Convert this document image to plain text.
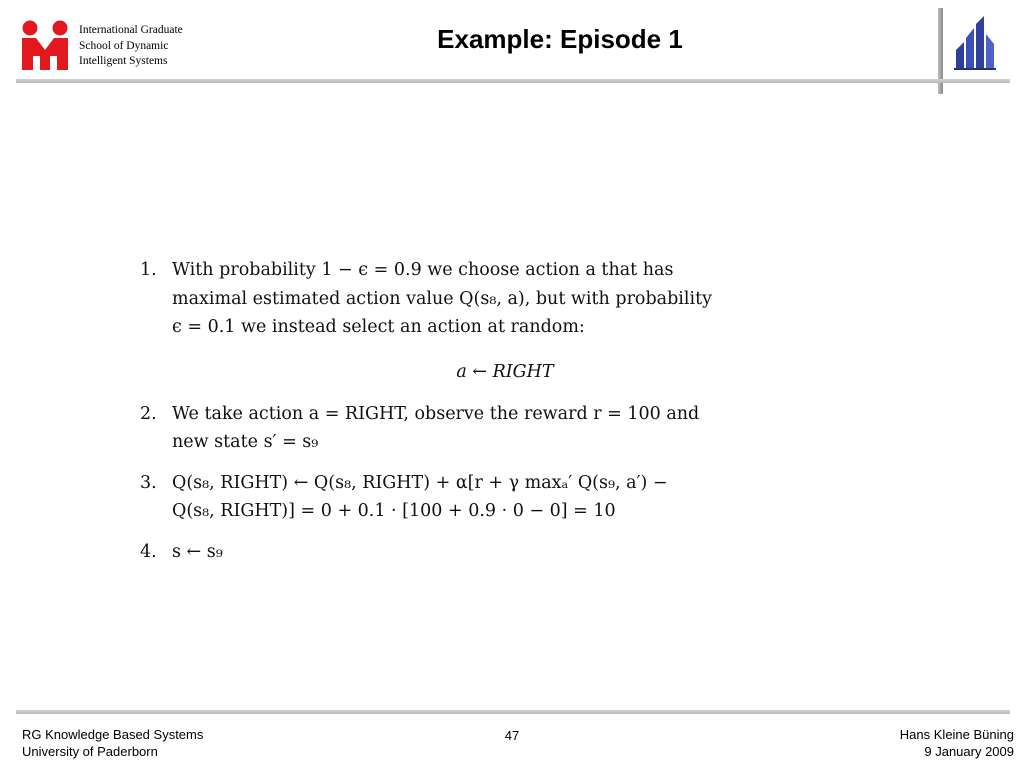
International Graduate
School of Dynamic
Intelligent Systems
Example: Episode 1
1. With probability 1 − ϵ = 0.9 we choose action a that has
maximal estimated action value Q(s₈, a), but with probability
ϵ = 0.1 we instead select an action at random:
a ← RIGHT
2. We take action a = RIGHT, observe the reward r = 100 and
new state s′ = s₉
3. Q(s₈, RIGHT) ← Q(s₈, RIGHT) + α[r + γ maxₐ′ Q(s₉, a′) −
Q(s₈, RIGHT)] = 0 + 0.1 · [100 + 0.9 · 0 − 0] = 10
4. s ← s₉
RG Knowledge Based Systems
University of Paderborn
47	Hans Kleine Büning
9 January 2009
